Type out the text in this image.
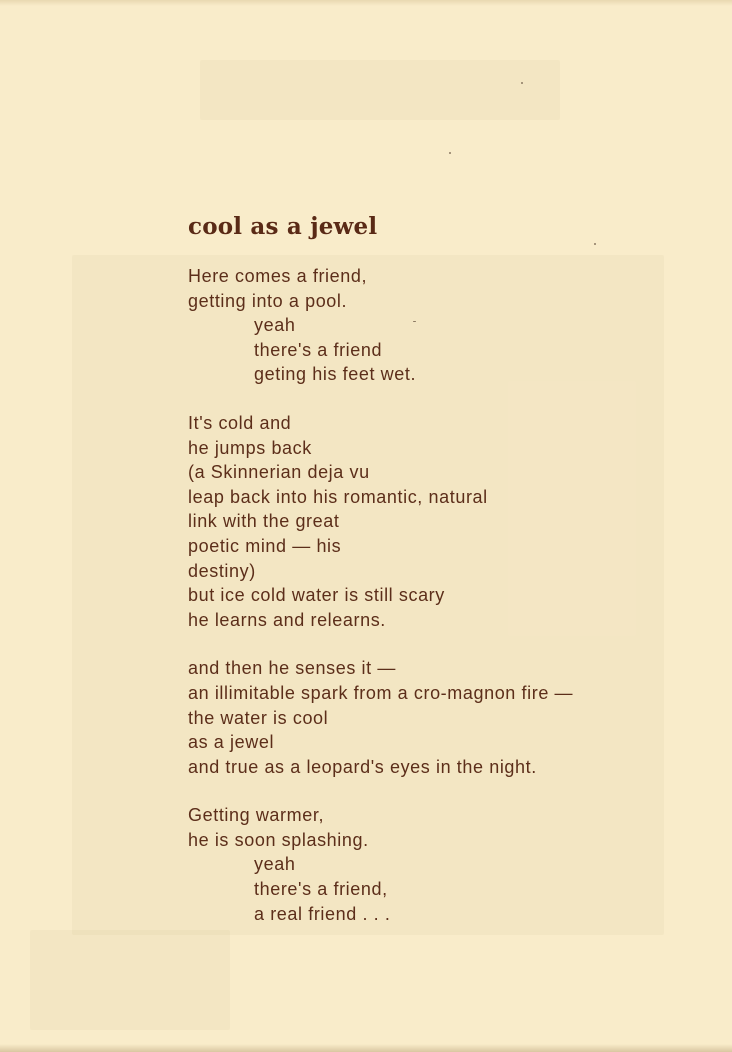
cool as a jewel
Here comes a friend,
getting into a pool.
yeah
there's a friend
geting his feet wet.
It's cold and
he jumps back
(a Skinnerian deja vu
leap back into his romantic, natural
link with the great
poetic mind — his
destiny)
but ice cold water is still scary
he learns and relearns.
and then he senses it —
an illimitable spark from a cro-magnon fire —
the water is cool
as a jewel
and true as a leopard's eyes in the night.
Getting warmer,
he is soon splashing.
yeah
there's a friend,
a real friend . . .
